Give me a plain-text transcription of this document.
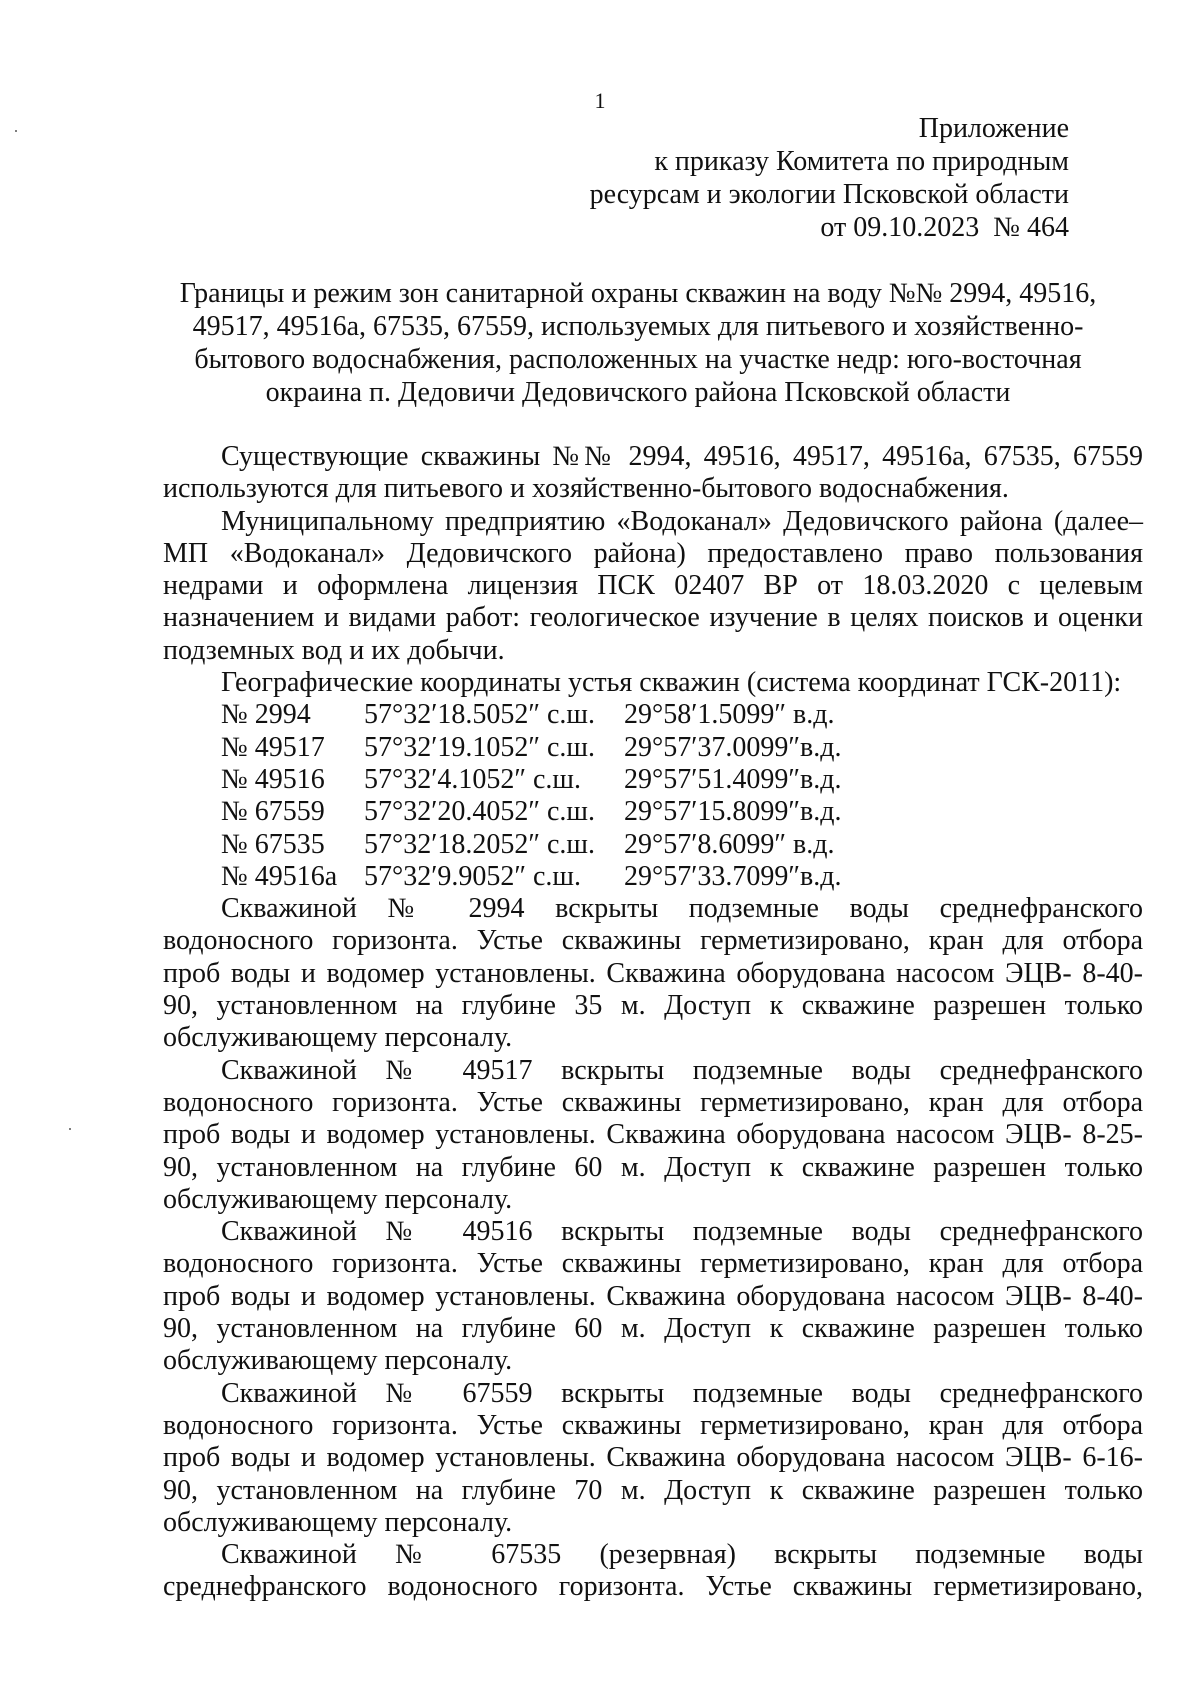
1
Приложение
к приказу Комитета по природным
ресурсам и экологии Псковской области
от 09.10.2023  № 464
Границы и режим зон санитарной охраны скважин на воду №№ 2994, 49516,
49517, 49516а, 67535, 67559, используемых для питьевого и хозяйственно-
бытового водоснабжения, расположенных на участке недр: юго-восточная
окраина п. Дедовичи Дедовичского района Псковской области
Существующие скважины №№ 2994, 49516, 49517, 49516а, 67535, 67559
используются для питьевого и хозяйственно-бытового водоснабжения.
Муниципальному предприятию «Водоканал» Дедовичского района (далее–
МП «Водоканал» Дедовичского района) предоставлено право пользования
недрами и оформлена лицензия ПСК 02407 ВР от 18.03.2020 с целевым
назначением и видами работ: геологическое изучение в целях поисков и оценки
подземных вод и их добычи.
Географические координаты устья скважин (система координат ГСК-2011):
№ 2994	57°32′18.5052″ с.ш.	29°58′1.5099″ в.д.
№ 49517	57°32′19.1052″ с.ш.	29°57′37.0099″в.д.
№ 49516	57°32′4.1052″ с.ш.	29°57′51.4099″в.д.
№ 67559	57°32′20.4052″ с.ш.	29°57′15.8099″в.д.
№ 67535	57°32′18.2052″ с.ш.	29°57′8.6099″ в.д.
№ 49516а 57°32′9.9052″ с.ш.	29°57′33.7099″в.д.
Скважиной № 2994 вскрыты подземные воды среднефранского
водоносного горизонта. Устье скважины герметизировано, кран для отбора
проб воды и водомер установлены. Скважина оборудована насосом ЭЦВ- 8-40-
90, установленном на глубине 35 м. Доступ к скважине разрешен только
обслуживающему персоналу.
Скважиной № 49517 вскрыты подземные воды среднефранского
водоносного горизонта. Устье скважины герметизировано, кран для отбора
проб воды и водомер установлены. Скважина оборудована насосом ЭЦВ- 8-25-
90, установленном на глубине 60 м. Доступ к скважине разрешен только
обслуживающему персоналу.
Скважиной № 49516 вскрыты подземные воды среднефранского
водоносного горизонта. Устье скважины герметизировано, кран для отбора
проб воды и водомер установлены. Скважина оборудована насосом ЭЦВ- 8-40-
90, установленном на глубине 60 м. Доступ к скважине разрешен только
обслуживающему персоналу.
Скважиной № 67559 вскрыты подземные воды среднефранского
водоносного горизонта. Устье скважины герметизировано, кран для отбора
проб воды и водомер установлены. Скважина оборудована насосом ЭЦВ- 6-16-
90, установленном на глубине 70 м. Доступ к скважине разрешен только
обслуживающему персоналу.
Скважиной № 67535 (резервная) вскрыты подземные воды
среднефранского водоносного горизонта. Устье скважины герметизировано,
